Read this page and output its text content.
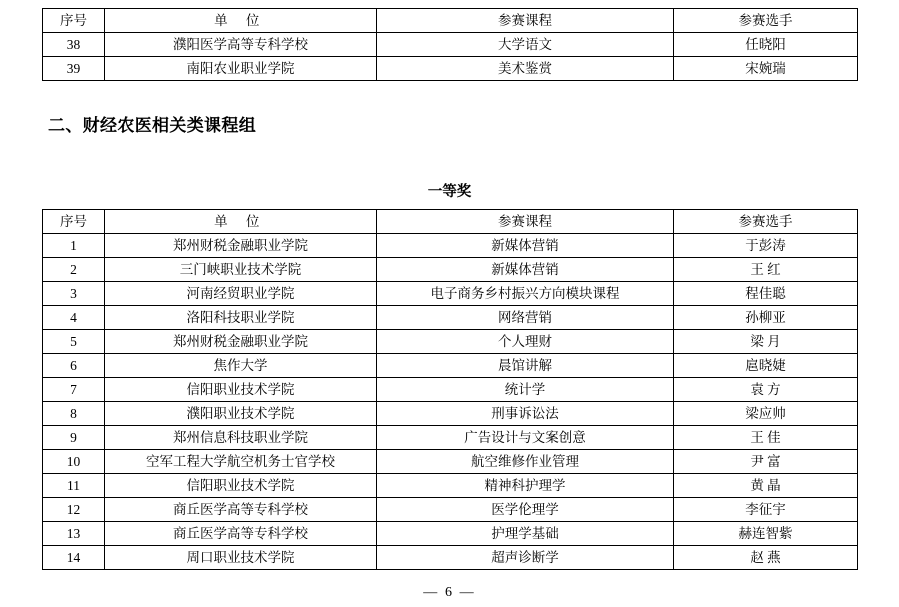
序号	单 位	参赛课程	参赛选手
38	濮阳医学高等专科学校	大学语文	任晓阳
39	南阳农业职业学院	美术鉴赏	宋婉瑞
二、财经农医相关类课程组
一等奖
序号	单 位	参赛课程	参赛选手
1	郑州财税金融职业学院	新媒体营销	于彭涛
2	三门峡职业技术学院	新媒体营销	王 红
3	河南经贸职业学院	电子商务乡村振兴方向模块课程	程佳聪
4	洛阳科技职业学院	网络营销	孙柳亚
5	郑州财税金融职业学院	个人理财	梁 月
6	焦作大学	晨馆讲解	扈晓婕
7	信阳职业技术学院	统计学	袁 方
8	濮阳职业技术学院	刑事诉讼法	梁应帅
9	郑州信息科技职业学院	广告设计与文案创意	王 佳
10	空军工程大学航空机务士官学校	航空维修作业管理	尹 富
11	信阳职业技术学院	精神科护理学	黄 晶
12	商丘医学高等专科学校	医学伦理学	李征宇
13	商丘医学高等专科学校	护理学基础	赫连智紫
14	周口职业技术学院	超声诊断学	赵 燕
— 6 —
